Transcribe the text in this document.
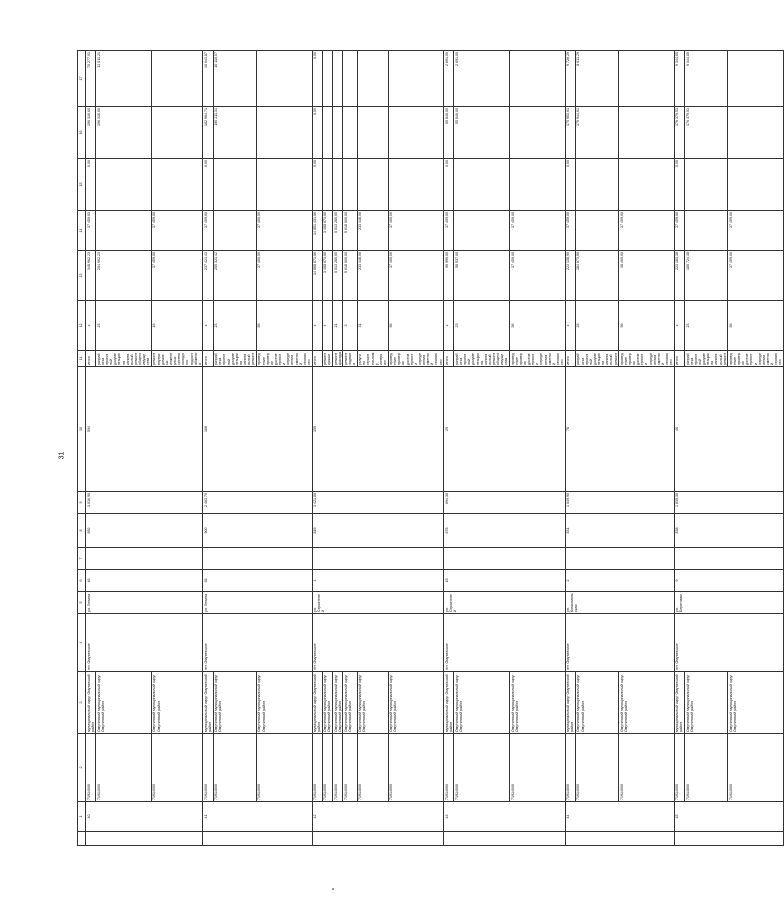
31
	1	2	3	4	5	6	7	8	9	10	11	12	13	14	15	16	17	
	40	71914000	муниципальный округ Омутинский район	пгт. Омутинское	ул. Ленина	46		892	3 016,90	594	итого	х	348 962,23	37 459,03	0,00	196 316,60	70 277,01	
		71914000	Омутинский муниципальный округ Омутинский район								разработка проектной документации на капитальный ремонт общего имущества	23	204 962,23			196 316,60	12 011,21	
		71914000	Омутинский муниципальный округ Омутинский район								ремонт внутридомовых инженерных систем холодного водоснабжения	16	37 459,00	37 459,00				
	41	71914000	муниципальный округ Омутинский район	пгт. Омутинское	ул. Ленина	35		900	2 463,70	166	итого	х	237 421,43	37 459,00	0,00	182 964,71	10 041,87	
		71914000	Омутинский муниципальный округ Омутинский район								разработка проектной документации на капитальный ремонт	23	200 321,42			190 211,31	10 110,07	
		71914000	Омутинский муниципальный округ Омутинский район								проведение проверки достоверности определения сметной стоимости	56	37 400,00	37 400,00				
	42	71914000	муниципальный округ Омутинский район	пгт. Омутинское	ул. Строителей	4		816	3 421,80	155	итого	х	14 868 871,06	14 851 431,06	0,00	0,00	0,00	
		71914000	Омутинский муниципальный округ Омутинский район								ремонт крыши	4	3 468 673,00	3 468 673,00				
		71914000	Омутинский муниципальный округ Омутинский район								ремонт фасада	21	5 513 280,00	5 513 280,00				
		71914000	Омутинский муниципальный округ Омутинский район								ремонт подвала	3	5 618 000,00	5 618 000,00				
		71914000	Омутинский муниципальный округ Омутинский район								услуги по строительному контролю	31	233 448,06	233 448,06				
		71914000	Омутинский муниципальный округ Омутинский район								проведение проверки достоверности определения сметной стоимости	56	37 400,00	37 400,00				
	43	71914000	муниципальный округ Омутинский район	пгт. Омутинское	ул. Строителей	15		878	694,30	29	итого	х	95 995,00	37 459,00	0,00	55 846,00	2 691,00	
		71914000	Омутинский муниципальный округ Омутинский район								разработка проектной документации на капитальный ремонт общего имущества	23	58 537,00			55 846,00	2 691,00	
		71914000	Омутинский муниципальный округ Омутинский район								проведение проверки достоверности определения сметной стоимости	56	37 459,00	37 459,00				
	44	71914000	муниципальный округ Омутинский район	пгт. Омутинское	ул. Комсомольская	2		831	1 049,90	78	итого	х	223 138,90	37 459,00	0,00	175 953,61	9 726,29	
		71914000	Омутинский муниципальный округ Омутинский район								разработка проектной документации на капитальный ремонт	23	184 673,90			175 944,61	8 611,29	
		71914000	Омутинский муниципальный округ Омутинский район								проведение проверки достоверности определения сметной стоимости	56	38 465,00	37 459,00				
	45	71914000	муниципальный округ Омутинский район	пгт. Омутинское	ул. Береговая	9		838	1 835,30	46	итого	х	223 183,38	37 459,00	0,00	176 379,53	9 344,85	
		71914000	Омутинский муниципальный округ Омутинский район								разработка проектной документации на капитальный ремонт	23	185 724,38			176 379,53	9 344,85	
		71914000	Омутинский муниципальный округ Омутинский район								проведение проверки достоверности определения сметной стоимости	56	37 459,00	37 459,00				
